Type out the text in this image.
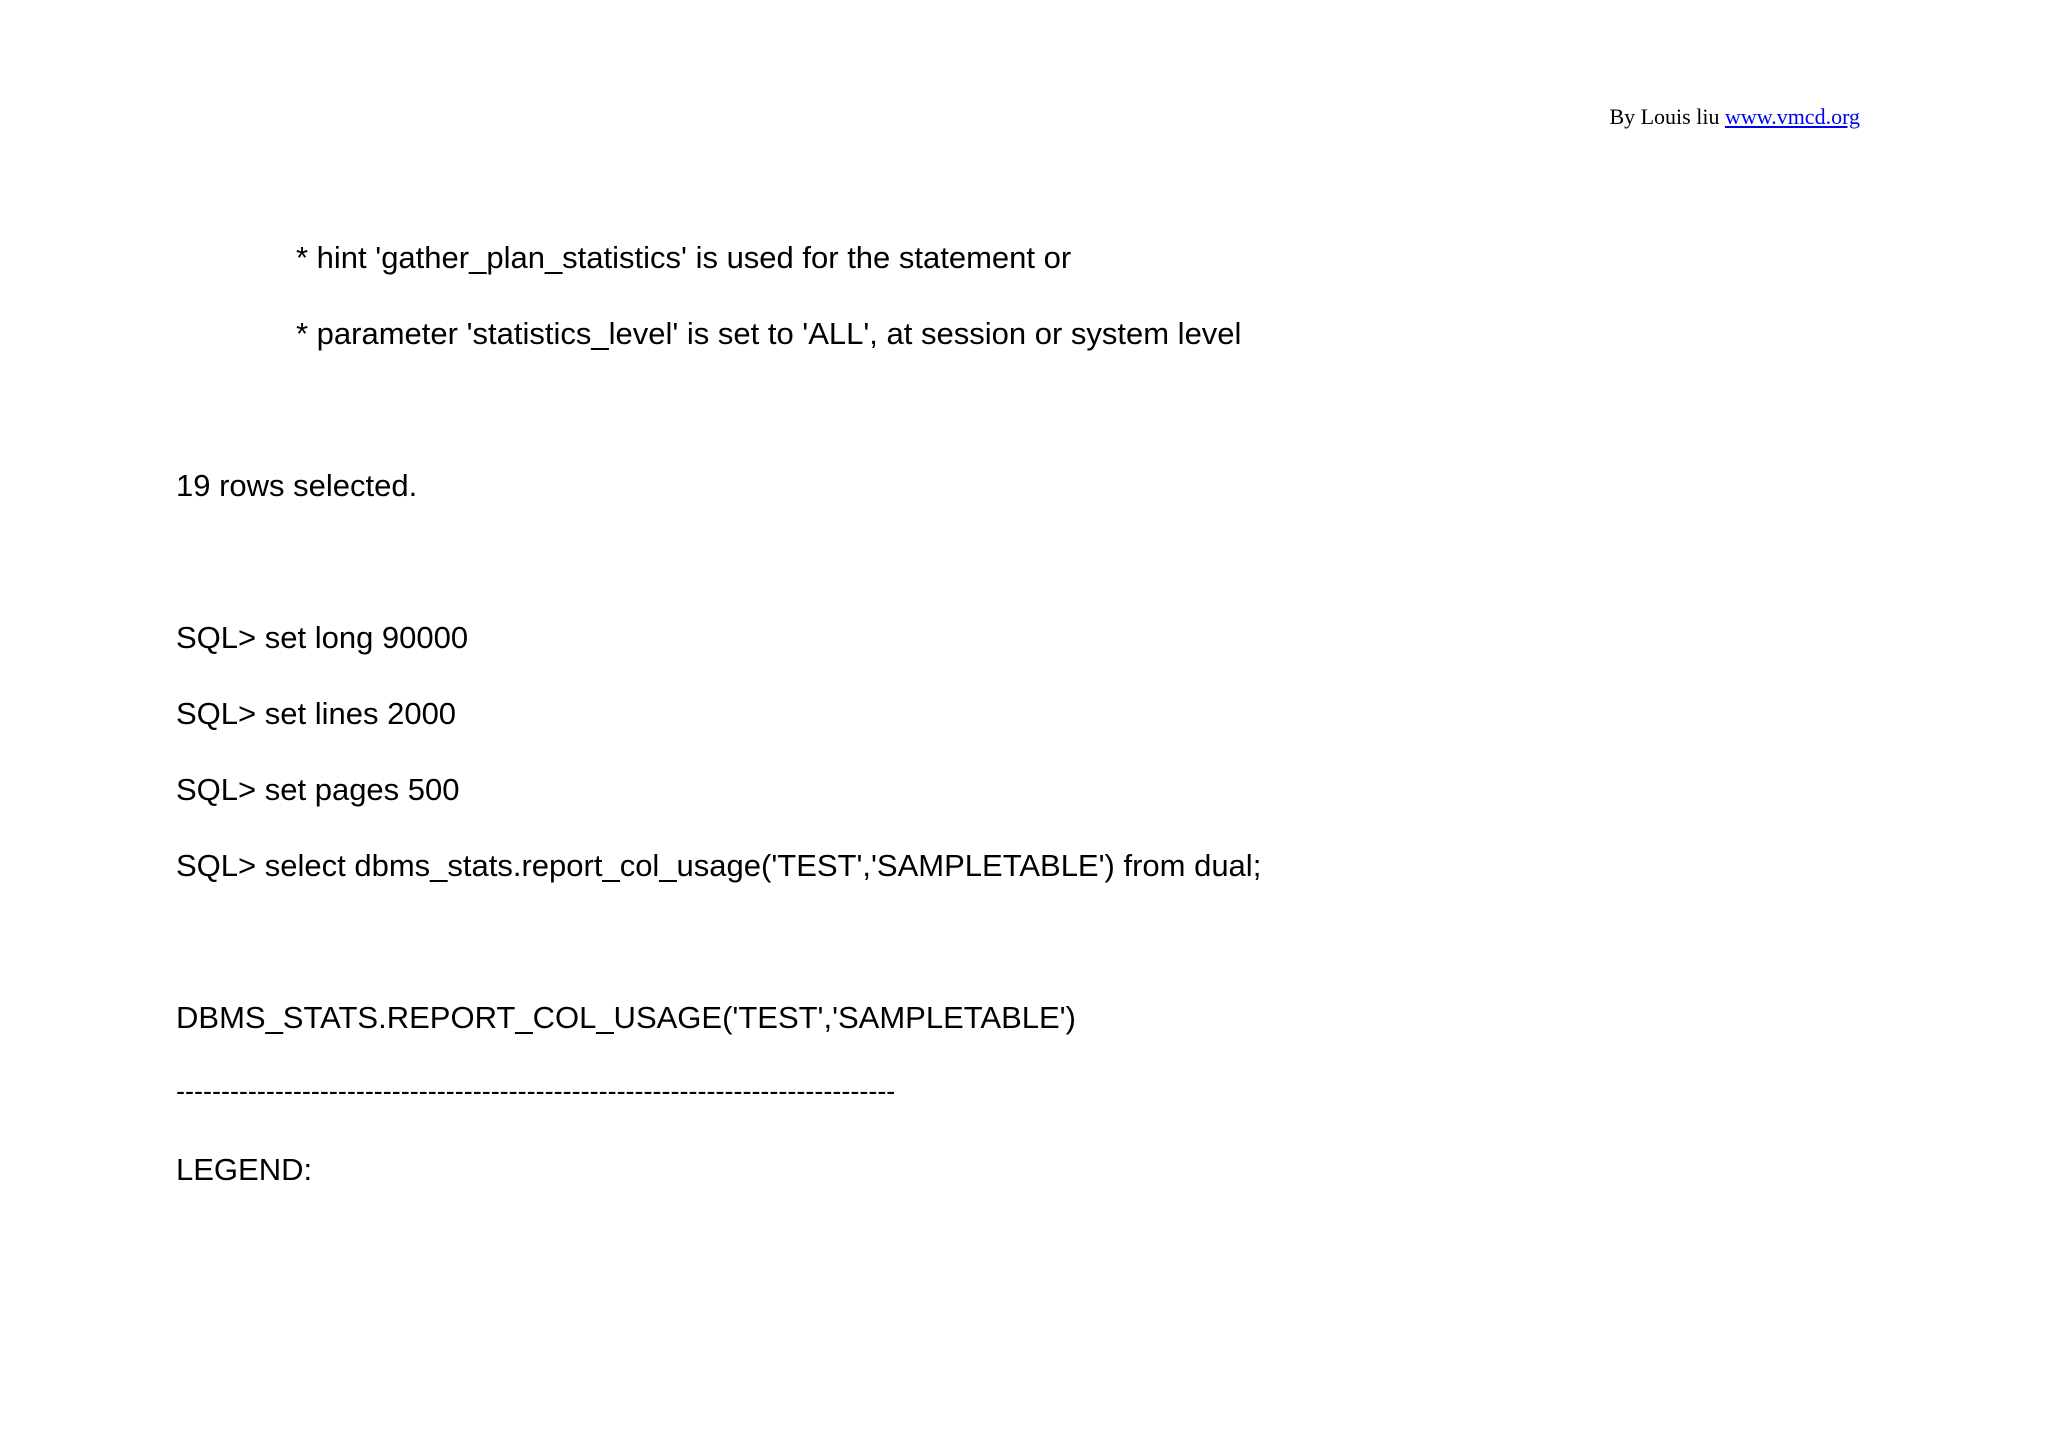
By Louis liu www.vmcd.org
* hint 'gather_plan_statistics' is used for the statement or
* parameter 'statistics_level' is set to 'ALL', at session or system level
19 rows selected.
SQL> set long 90000
SQL> set lines 2000
SQL> set pages 500
SQL> select dbms_stats.report_col_usage('TEST','SAMPLETABLE') from dual;
DBMS_STATS.REPORT_COL_USAGE('TEST','SAMPLETABLE')
--------------------------------------------------------------------------------
LEGEND:
